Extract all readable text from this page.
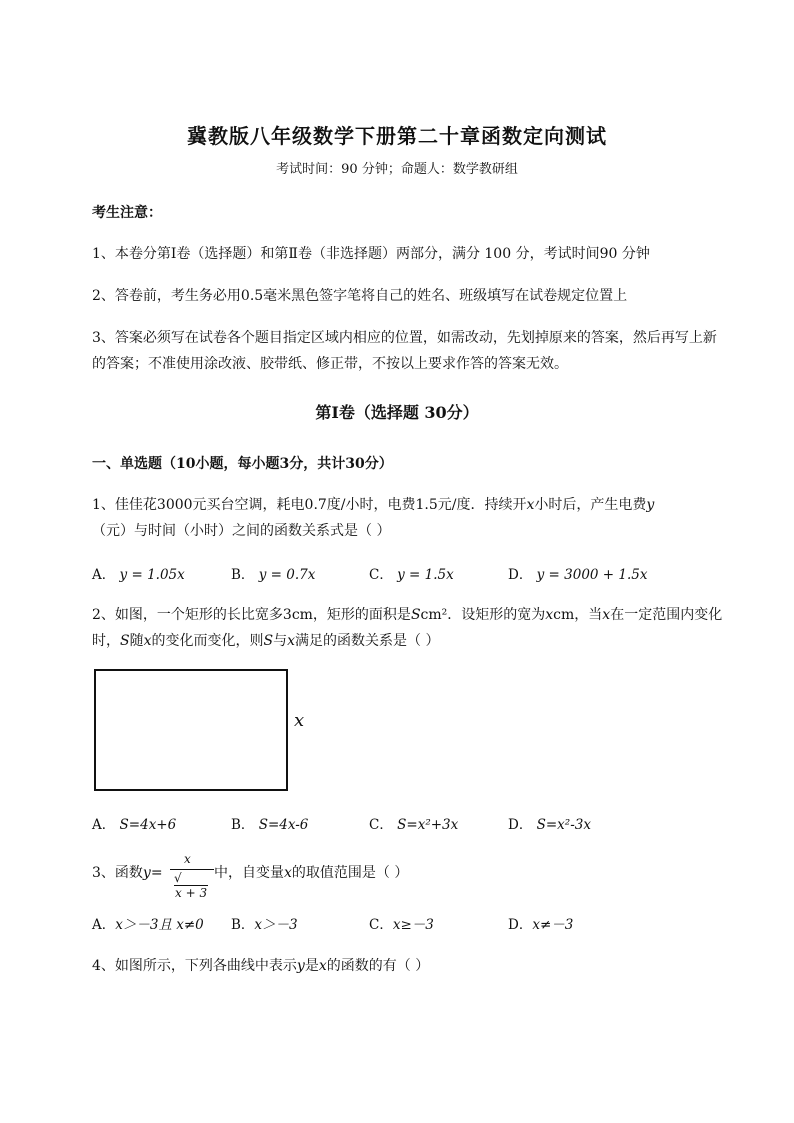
冀教版八年级数学下册第二十章函数定向测试
考试时间：90 分钟；命题人：数学教研组
考生注意：
1、本卷分第Ⅰ卷（选择题）和第Ⅱ卷（非选择题）两部分，满分 100 分，考试时间90 分钟
2、答卷前，考生务必用0.5毫米黑色签字笔将自己的姓名、班级填写在试卷规定位置上
3、答案必须写在试卷各个题目指定区域内相应的位置，如需改动，先划掉原来的答案，然后再写上新
的答案；不准使用涂改液、胶带纸、修正带，不按以上要求作答的答案无效。
第Ⅰ卷（选择题 30分）
一、单选题（10小题，每小题3分，共计30分）
1、佳佳花3000元买台空调，耗电0.7度/小时，电费1.5元/度．持续开x小时后，产生电费y
（元）与时间（小时）之间的函数关系式是（ ）
A． y = 1.05x	B． y = 0.7x	C． y = 1.5x	D． y = 3000 + 1.5x
2、如图，一个矩形的长比宽多3cm，矩形的面积是Scm²．设矩形的宽为xcm，当x在一定范围内变化
时，S随x的变化而变化，则S与x满足的函数关系是（ ）
x
A． S=4x+6	B． S=4x-6	C． S=x²+3x	D． S=x²-3x
3、函数y=
x
√x + 3
中，自变量x的取值范围是（ ）
A．x＞－3且 x≠0 B．x＞－3	C．x≥－3	D．x≠－3
4、如图所示，下列各曲线中表示y是x的函数的有（ ）
